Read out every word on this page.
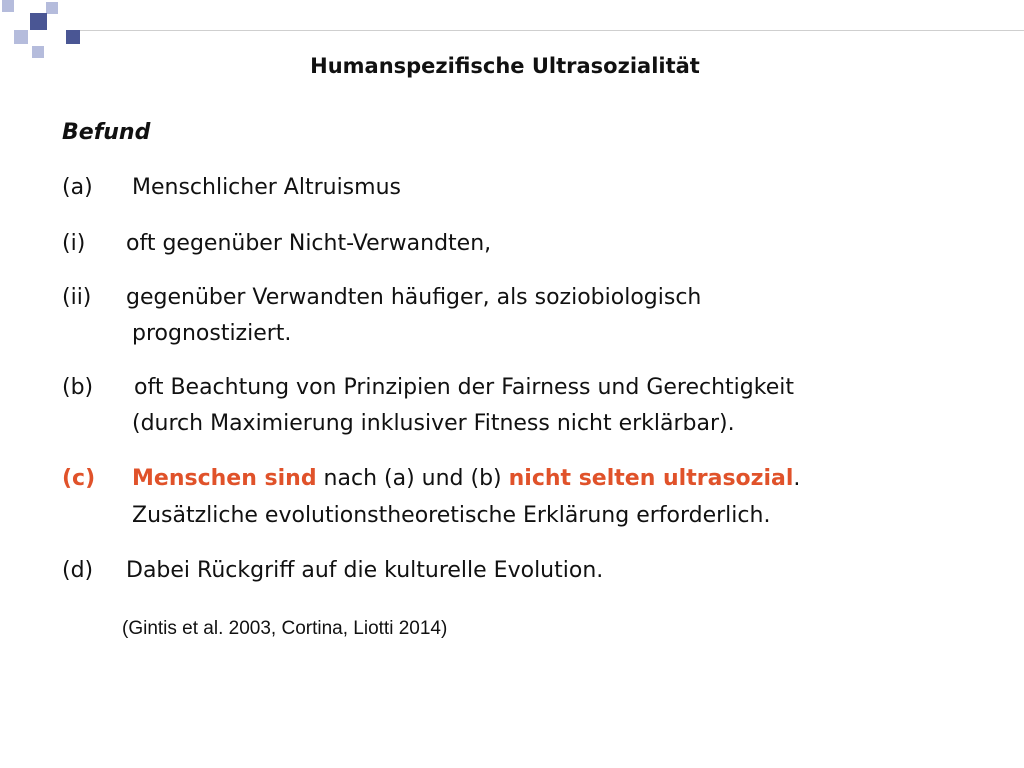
Humanspezifische Ultrasozialität
Befund
(a) Menschlicher Altruismus
(i) oft gegenüber Nicht-Verwandten,
(ii) gegenüber Verwandten häufiger, als soziobiologisch
prognostiziert.
(b) oft Beachtung von Prinzipien der Fairness und Gerechtigkeit
(durch Maximierung inklusiver Fitness nicht erklärbar).
(c) Menschen sind nach (a) und (b) nicht selten ultrasozial.
Zusätzliche evolutionstheoretische Erklärung erforderlich.
(d) Dabei Rückgriff auf die kulturelle Evolution.
(Gintis et al. 2003, Cortina, Liotti 2014)
